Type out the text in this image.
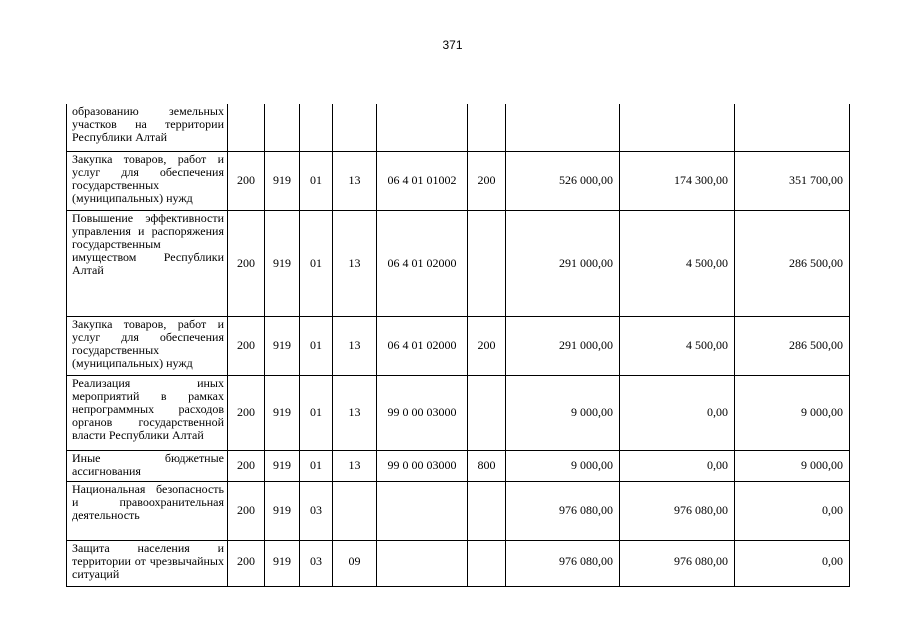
371
образованию земельных участков на территории Республики Алтай									
Закупка товаров, работ и услуг для обеспечения государственных (муниципальных) нужд	200	919	01	13	06 4 01 01002	200	526 000,00	174 300,00	351 700,00
Повышение эффективности управления и распоряжения государственным имуществом Республики Алтай	200	919	01	13	06 4 01 02000		291 000,00	4 500,00	286 500,00
Закупка товаров, работ и услуг для обеспечения государственных (муниципальных) нужд	200	919	01	13	06 4 01 02000	200	291 000,00	4 500,00	286 500,00
Реализация иных мероприятий в рамках непрограммных расходов органов государственной власти Республики Алтай	200	919	01	13	99 0 00 03000		9 000,00	0,00	9 000,00
Иные бюджетные ассигнования	200	919	01	13	99 0 00 03000	800	9 000,00	0,00	9 000,00
Национальная безопасность и правоохранительная деятельность	200	919	03				976 080,00	976 080,00	0,00
Защита населения и территории от чрезвычайных ситуаций	200	919	03	09			976 080,00	976 080,00	0,00
